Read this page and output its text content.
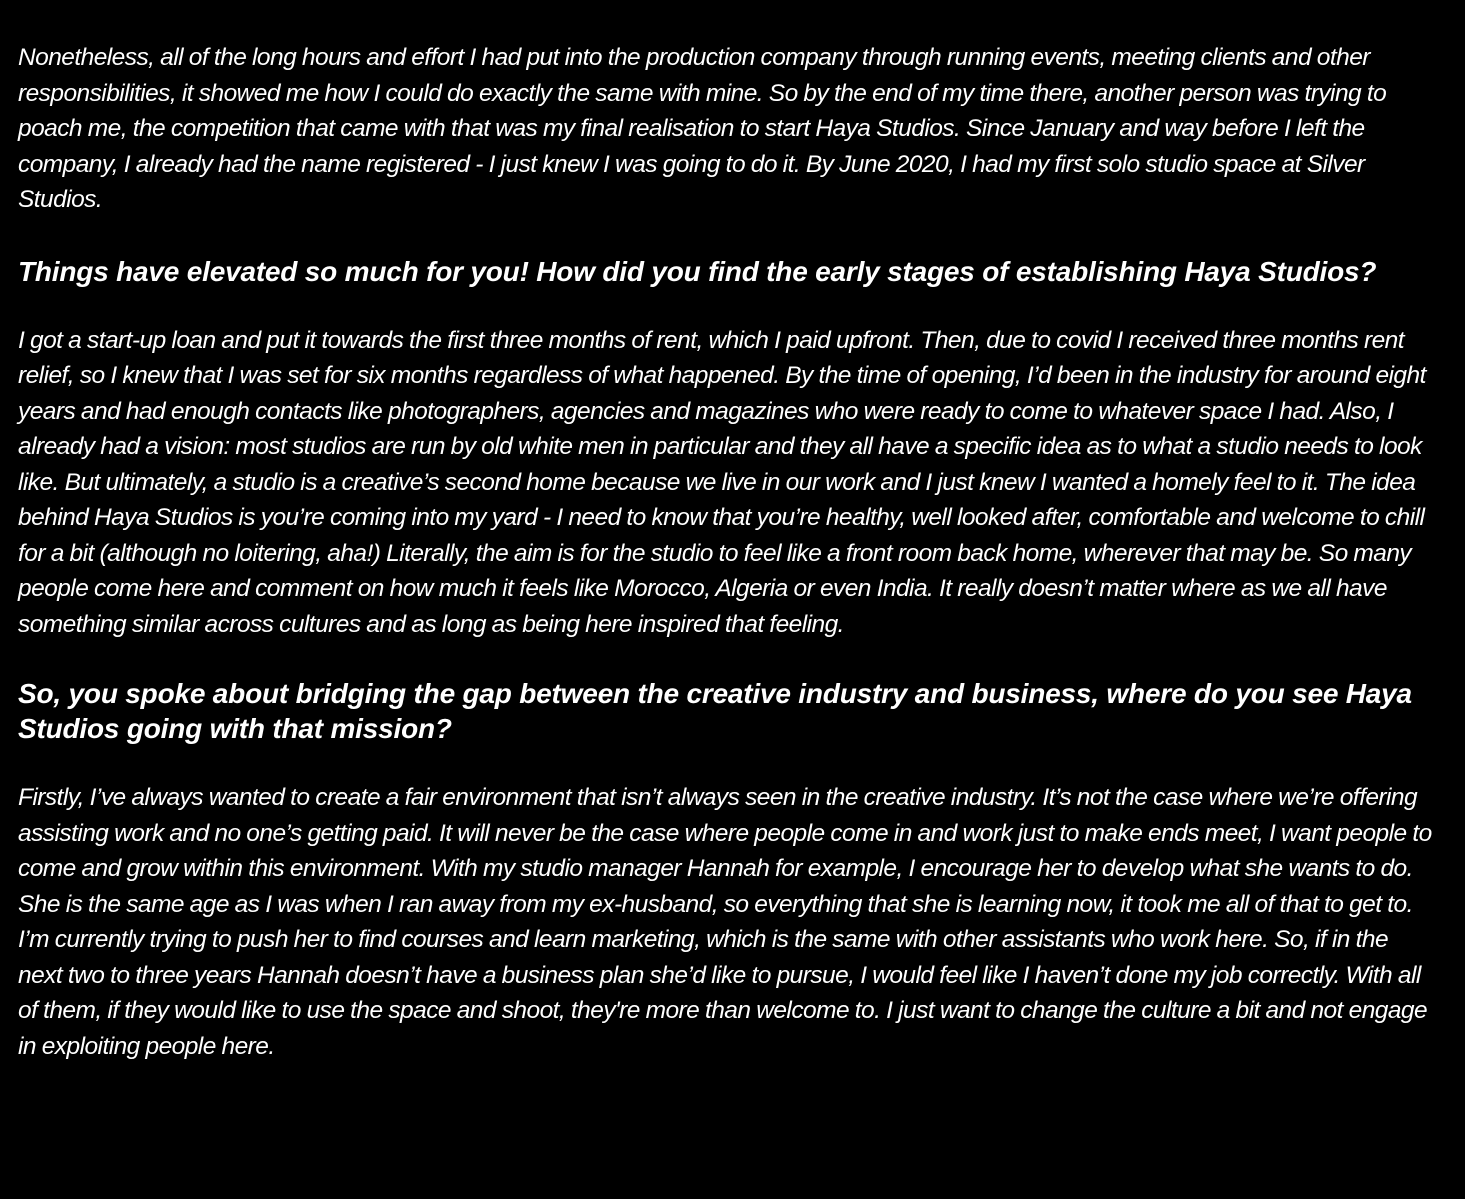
Nonetheless, all of the long hours and effort I had put into the production company through running events, meeting clients and other responsibilities, it showed me how I could do exactly the same with mine. So by the end of my time there, another person was trying to poach me, the competition that came with that was my final realisation to start Haya Studios. Since January and way before I left the company, I already had the name registered - I just knew I was going to do it. By June 2020, I had my first solo studio space at Silver Studios.

Things have elevated so much for you! How did you find the early stages of establishing Haya Studios?

I got a start-up loan and put it towards the first three months of rent, which I paid upfront. Then, due to covid I received three months rent relief, so I knew that I was set for six months regardless of what happened. By the time of opening, I’d been in the industry for around eight years and had enough contacts like photographers, agencies and magazines who were ready to come to whatever space I had. Also, I already had a vision: most studios are run by old white men in particular and they all have a specific idea as to what a studio needs to look like. But ultimately, a studio is a creative’s second home because we live in our work and I just knew I wanted a homely feel to it. The idea behind Haya Studios is you’re coming into my yard - I need to know that you’re healthy, well looked after, comfortable and welcome to chill for a bit (although no loitering, aha!) Literally, the aim is for the studio to feel like a front room back home, wherever that may be. So many people come here and comment on how much it feels like Morocco, Algeria or even India. It really doesn’t matter where as we all have something similar across cultures and as long as being here inspired that feeling.

So, you spoke about bridging the gap between the creative industry and business, where do you see Haya Studios going with that mission?

Firstly, I’ve always wanted to create a fair environment that isn’t always seen in the creative industry. It’s not the case where we’re offering assisting work and no one’s getting paid. It will never be the case where people come in and work just to make ends meet, I want people to come and grow within this environment. With my studio manager Hannah for example, I encourage her to develop what she wants to do. She is the same age as I was when I ran away from my ex-husband, so everything that she is learning now, it took me all of that to get to. I’m currently trying to push her to find courses and learn marketing, which is the same with other assistants who work here. So, if in the next two to three years Hannah doesn’t have a business plan she’d like to pursue, I would feel like I haven’t done my job correctly. With all of them, if they would like to use the space and shoot, they're more than welcome to. I just want to change the culture a bit and not engage in exploiting people here.
